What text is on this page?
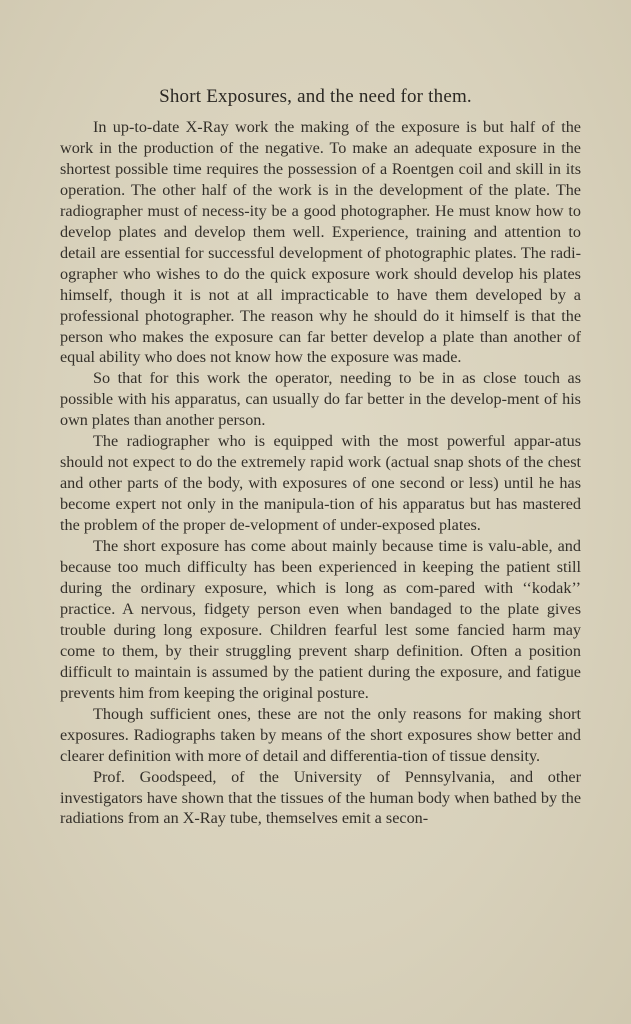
Short Exposures, and the need for them.

In up-to-date X-Ray work the making of the exposure is but half of the work in the production of the negative. To make an adequate exposure in the shortest possible time requires the possession of a Roentgen coil and skill in its operation. The other half of the work is in the development of the plate. The radiographer must of necess-ity be a good photographer. He must know how to develop plates and develop them well. Experience, training and attention to detail are essential for successful development of photographic plates. The radi-ographer who wishes to do the quick exposure work should develop his plates himself, though it is not at all impracticable to have them developed by a professional photographer. The reason why he should do it himself is that the person who makes the exposure can far better develop a plate than another of equal ability who does not know how the exposure was made.

So that for this work the operator, needing to be in as close touch as possible with his apparatus, can usually do far better in the develop-ment of his own plates than another person.

The radiographer who is equipped with the most powerful appar-atus should not expect to do the extremely rapid work (actual snap shots of the chest and other parts of the body, with exposures of one second or less) until he has become expert not only in the manipula-tion of his apparatus but has mastered the problem of the proper de-velopment of under-exposed plates.

The short exposure has come about mainly because time is valu-able, and because too much difficulty has been experienced in keeping the patient still during the ordinary exposure, which is long as com-pared with ‘‘kodak’’ practice. A nervous, fidgety person even when bandaged to the plate gives trouble during long exposure. Children fearful lest some fancied harm may come to them, by their struggling prevent sharp definition. Often a position difficult to maintain is assumed by the patient during the exposure, and fatigue prevents him from keeping the original posture.

Though sufficient ones, these are not the only reasons for making short exposures. Radiographs taken by means of the short exposures show better and clearer definition with more of detail and differentia-tion of tissue density.

Prof. Goodspeed, of the University of Pennsylvania, and other investigators have shown that the tissues of the human body when bathed by the radiations from an X-Ray tube, themselves emit a secon-
